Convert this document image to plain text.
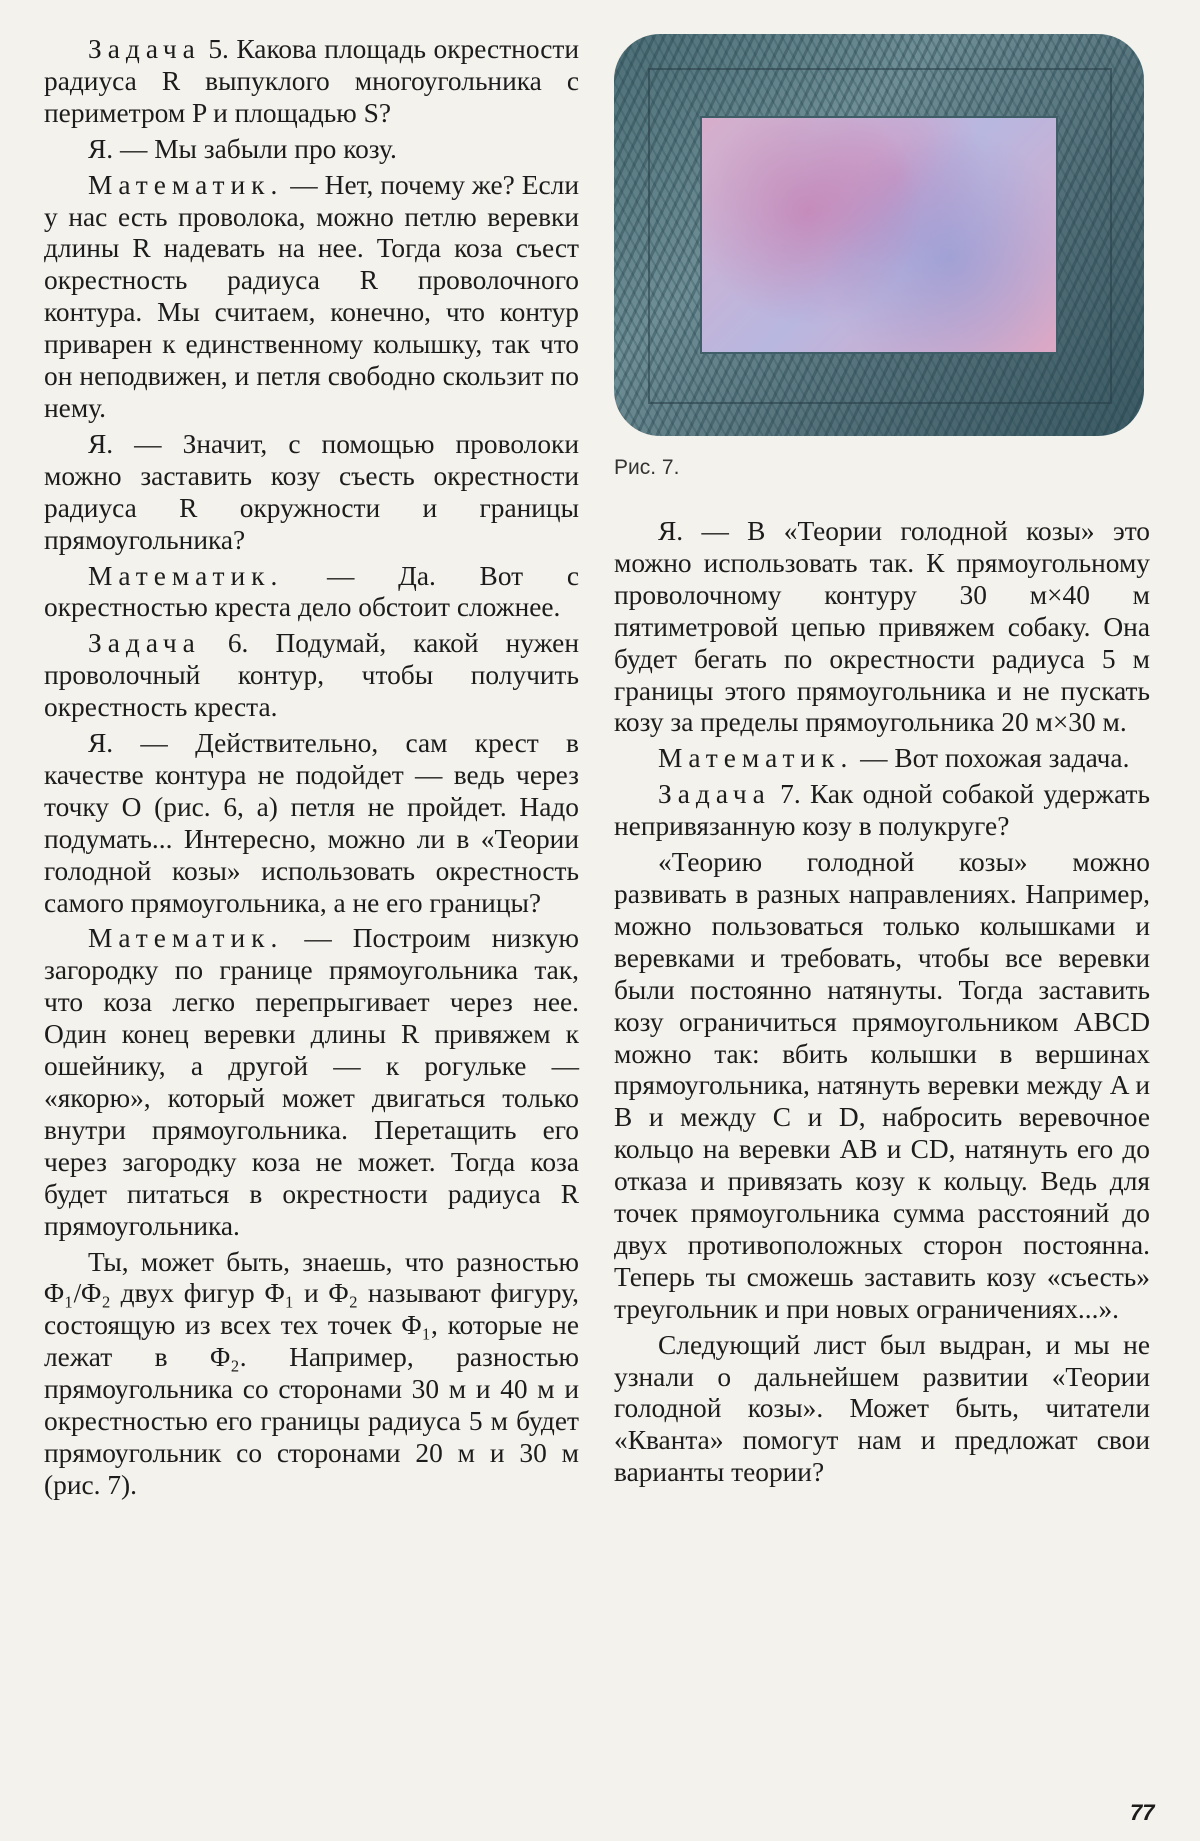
Задача 5. Какова площадь окрестности радиуса R выпуклого многоугольника с периметром P и площадью S?

Я. — Мы забыли про козу.

Математик. — Нет, почему же? Если у нас есть проволока, можно петлю веревки длины R надевать на нее. Тогда коза съест окрестность радиуса R проволочного контура. Мы считаем, конечно, что контур приварен к единственному колышку, так что он неподвижен, и петля свободно скользит по нему.

Я. — Значит, с помощью проволоки можно заставить козу съесть окрестности радиуса R окружности и границы прямоугольника?

Математик. — Да. Вот с окрестностью креста дело обстоит сложнее.

Задача 6. Подумай, какой нужен проволочный контур, чтобы получить окрестность креста.

Я. — Действительно, сам крест в качестве контура не подойдет — ведь через точку O (рис. 6, а) петля не пройдет. Надо подумать... Интересно, можно ли в «Теории голодной козы» использовать окрестность самого прямоугольника, а не его границы?

Математик. — Построим низкую загородку по границе прямоугольника так, что коза легко перепрыгивает через нее. Один конец веревки длины R привяжем к ошейнику, а другой — к рогульке — «якорю», который может двигаться только внутри прямоугольника. Перетащить его через загородку коза не может. Тогда коза будет питаться в окрестности радиуса R прямоугольника.

Ты, может быть, знаешь, что разностью Φ₁/Φ₂ двух фигур Φ₁ и Φ₂ называют фигуру, состоящую из всех тех точек Φ₁, которые не лежат в Φ₂. Например, разностью прямоугольника со сторонами 30 м и 40 м и окрестностью его границы радиуса 5 м будет прямоугольник со сторонами 20 м и 30 м (рис. 7).

Рис. 7.

Я. — В «Теории голодной козы» это можно использовать так. К прямоугольному проволочному контуру 30 м×40 м пятиметровой цепью привяжем собаку. Она будет бегать по окрестности радиуса 5 м границы этого прямоугольника и не пускать козу за пределы прямоугольника 20 м×30 м.

Математик. — Вот похожая задача.

Задача 7. Как одной собакой удержать непривязанную козу в полукруге?

«Теорию голодной козы» можно развивать в разных направлениях. Например, можно пользоваться только колышками и веревками и требовать, чтобы все веревки были постоянно натянуты. Тогда заставить козу ограничиться прямоугольником ABCD можно так: вбить колышки в вершинах прямоугольника, натянуть веревки между A и B и между C и D, набросить веревочное кольцо на веревки AB и CD, натянуть его до отказа и привязать козу к кольцу. Ведь для точек прямоугольника сумма расстояний до двух противоположных сторон постоянна. Теперь ты сможешь заставить козу «съесть» треугольник и при новых ограничениях...».

Следующий лист был выдран, и мы не узнали о дальнейшем развитии «Теории голодной козы». Может быть, читатели «Кванта» помогут нам и предложат свои варианты теории?

77
